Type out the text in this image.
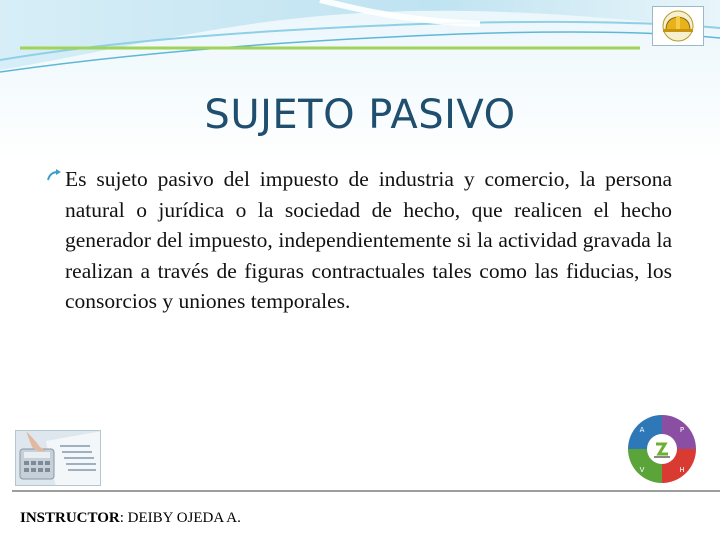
SUJETO PASIVO

Es sujeto pasivo del impuesto de industria y comercio, la persona natural o jurídica o la sociedad de hecho, que realicen el hecho generador del impuesto, independientemente si la actividad gravada la realizan a través de figuras contractuales tales como las fiducias, los consorcios y uniones temporales.

A	P
V	H
INSTRUCTOR: DEIBY OJEDA A.
